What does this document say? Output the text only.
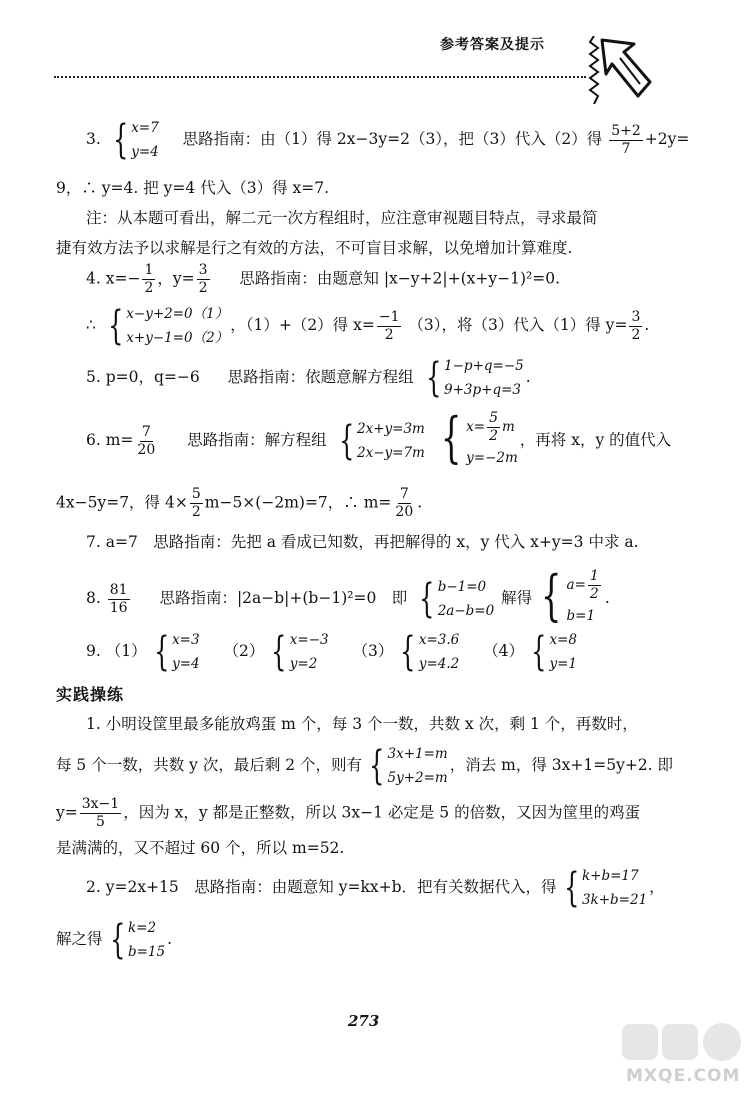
参考答案及提示
3. { x=7
y=4
思路指南：由（1）得 2x−3y=2（3），把（3）代入（2）得 $\frac{5+2}{7} +2y=$
9，∴ y=4. 把 y=4 代入（3）得 x=7.
注：从本题可看出，解二元一次方程组时，应注意审视题目特点，寻求最简
捷有效方法予以求解是行之有效的方法，不可盲目求解，以免增加计算难度.
4. $x=- \frac{1}{2}$ ，$y= \frac{3}{2}$ 思路指南：由题意知 |x−y+2|+(x+y−1)²=0.
∴ { x−y+2=0（1）
x+y−1=0（2）
，（1）+（2）得 $x= \frac{-1}{2} (3)$，将（3）代入（1）得 $y= \frac{3}{2}$ .
5. p=0，q=−6 思路指南：依题意解方程组 { 1−p+q=−5
9+3p+q=3
.
6. $m= \frac{7}{20}$ 思路指南：解方程组 { 2x+y=3m
2x−y=7m
{ $x= \frac{5}{2}$ m
y=−2m
，再将 x，y 的值代入
4x−5y=7，得 $4\times \frac{5}{2} m-5\times(-2m)=7$，∴ $m= \frac{7}{20}$ .
7. a=7　思路指南：先把 a 看成已知数，再把解得的 x，y 代入 x+y=3 中求 a.
8. $\frac{81}{16}$ 思路指南：|2a−b|+(b−1)²=0　即 { b−1=0
2a−b=0
解得 { $a= \frac{1}{2}$
b=1
.
9. （1） { x=3
y=4
（2） { x=−3
y=2
（3） { x=3.6
y=4.2
（4） { x=8
y=1
实践操练
1. 小明设筐里最多能放鸡蛋 m 个，每 3 个一数，共数 x 次，剩 1 个，再数时，
每 5 个一数，共数 y 次，最后剩 2 个，则有 { 3x+1=m
5y+2=m
，消去 m，得 3x+1=5y+2. 即
$y= \frac{3x-1}{5}$ ，因为 x，y 都是正整数，所以 3x−1 必定是 5 的倍数，又因为筐里的鸡蛋
是满满的，又不超过 60 个，所以 m=52.
2. y=2x+15　思路指南：由题意知 y=kx+b．把有关数据代入，得 { k+b=17
3k+b=21
，
解之得 { k=2
b=15
.
273
MXQE.COM
